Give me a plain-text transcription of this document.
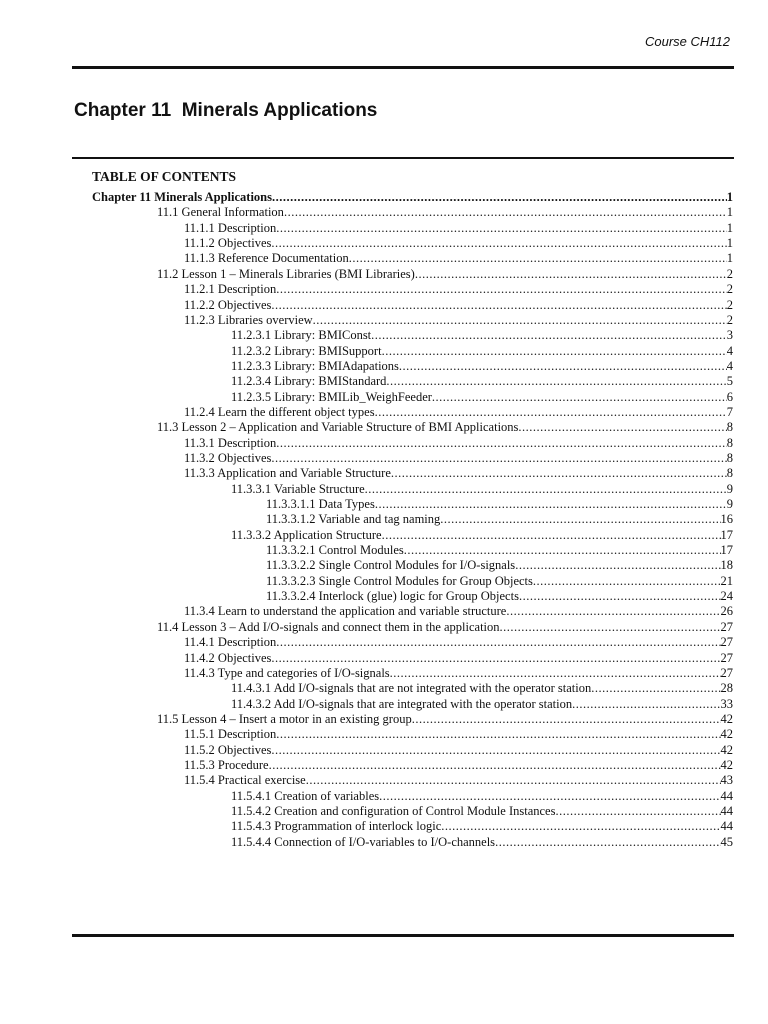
Course CH112
Chapter 11  Minerals Applications
TABLE OF CONTENTS
Chapter 11 Minerals Applications .....	1
11.1 General Information .....	1
11.1.1 Description .....	1
11.1.2 Objectives .....	1
11.1.3 Reference Documentation .....	1
11.2 Lesson 1 – Minerals Libraries (BMI Libraries) .....	2
11.2.1 Description .....	2
11.2.2 Objectives .....	2
11.2.3 Libraries overview .....	2
11.2.3.1 Library: BMIConst .....	3
11.2.3.2 Library: BMISupport .....	4
11.2.3.3 Library: BMIAdapations .....	4
11.2.3.4 Library: BMIStandard .....	5
11.2.3.5 Library: BMILib_WeighFeeder .....	6
11.2.4 Learn the different object types .....	7
11.3 Lesson 2 – Application and Variable Structure of BMI Applications .....	8
11.3.1 Description .....	8
11.3.2 Objectives .....	8
11.3.3 Application and Variable Structure .....	8
11.3.3.1 Variable Structure .....	9
11.3.3.1.1 Data Types .....	9
11.3.3.1.2 Variable and tag naming .....	16
11.3.3.2 Application Structure .....	17
11.3.3.2.1 Control Modules .....	17
11.3.3.2.2 Single Control Modules for I/O-signals .....	18
11.3.3.2.3 Single Control Modules for Group Objects .....	21
11.3.3.2.4 Interlock (glue) logic for Group Objects .....	24
11.3.4 Learn to understand the application and variable structure .....	26
11.4 Lesson 3 – Add I/O-signals and connect them in the application .....	27
11.4.1 Description .....	27
11.4.2 Objectives .....	27
11.4.3 Type and categories of I/O-signals .....	27
11.4.3.1 Add I/O-signals that are not integrated with the operator station .....	28
11.4.3.2 Add I/O-signals that are integrated with the operator station .....	33
11.5 Lesson 4 – Insert a motor in an existing group .....	42
11.5.1 Description .....	42
11.5.2 Objectives .....	42
11.5.3 Procedure .....	42
11.5.4 Practical exercise .....	43
11.5.4.1 Creation of variables .....	44
11.5.4.2 Creation and configuration of Control Module Instances .....	44
11.5.4.3 Programmation of interlock logic .....	44
11.5.4.4 Connection of I/O-variables to I/O-channels .....	45
